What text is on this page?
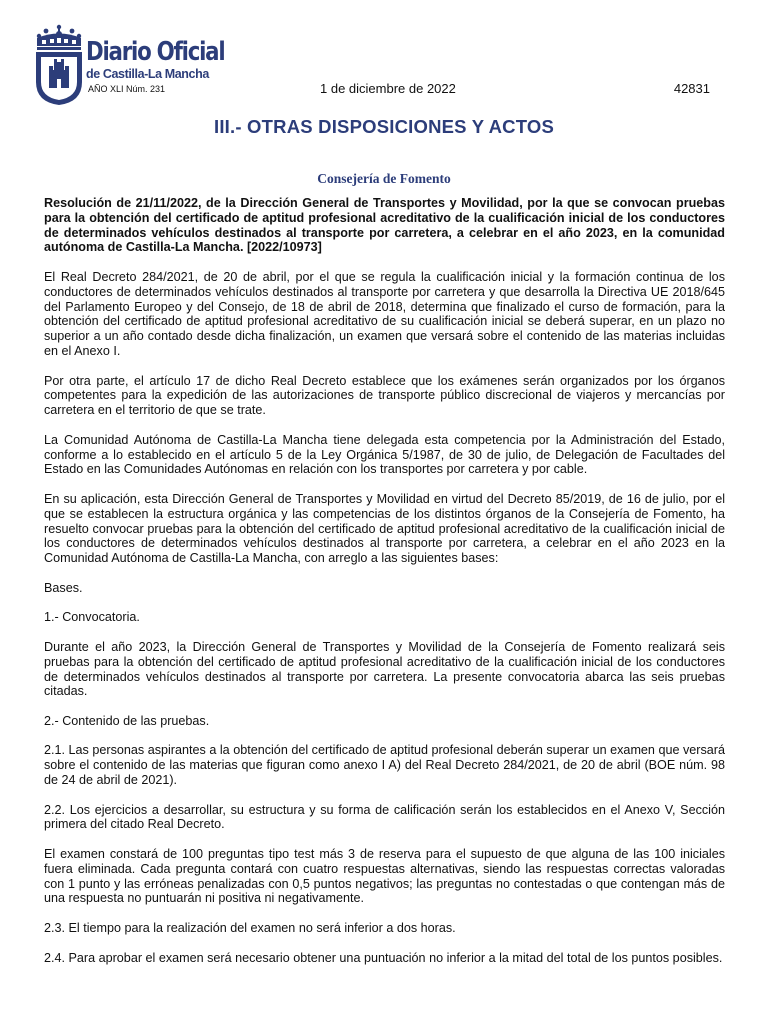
Diario Oficial
de Castilla-La Mancha
AÑO XLI Núm. 231	1 de diciembre de 2022	42831
III.- OTRAS DISPOSICIONES Y ACTOS
Consejería de Fomento

Resolución de 21/11/2022, de la Dirección General de Transportes y Movilidad, por la que se convocan pruebas para la obtención del certificado de aptitud profesional acreditativo de la cualificación inicial de los conductores de determinados vehículos destinados al transporte por carretera, a celebrar en el año 2023, en la comunidad autónoma de Castilla-La Mancha. [2022/10973]

El Real Decreto 284/2021, de 20 de abril, por el que se regula la cualificación inicial y la formación continua de los conductores de determinados vehículos destinados al transporte por carretera y que desarrolla la Directiva UE 2018/645 del Parlamento Europeo y del Consejo, de 18 de abril de 2018, determina que finalizado el curso de formación, para la obtención del certificado de aptitud profesional acreditativo de su cualificación inicial se deberá superar, en un plazo no superior a un año contado desde dicha finalización, un examen que versará sobre el contenido de las materias incluidas en el Anexo I.

Por otra parte, el artículo 17 de dicho Real Decreto establece que los exámenes serán organizados por los órganos competentes para la expedición de las autorizaciones de transporte público discrecional de viajeros y mercancías por carretera en el territorio de que se trate.

La Comunidad Autónoma de Castilla-La Mancha tiene delegada esta competencia por la Administración del Estado, conforme a lo establecido en el artículo 5 de la Ley Orgánica 5/1987, de 30 de julio, de Delegación de Facultades del Estado en las Comunidades Autónomas en relación con los transportes por carretera y por cable.

En su aplicación, esta Dirección General de Transportes y Movilidad en virtud del Decreto 85/2019, de 16 de julio, por el que se establecen la estructura orgánica y las competencias de los distintos órganos de la Consejería de Fomento, ha resuelto convocar pruebas para la obtención del certificado de aptitud profesional acreditativo de la cualificación inicial de los conductores de determinados vehículos destinados al transporte por carretera, a celebrar en el año 2023 en la Comunidad Autónoma de Castilla-La Mancha, con arreglo a las siguientes bases:

Bases.

1.- Convocatoria.

Durante el año 2023, la Dirección General de Transportes y Movilidad de la Consejería de Fomento realizará seis pruebas para la obtención del certificado de aptitud profesional acreditativo de la cualificación inicial de los conductores de determinados vehículos destinados al transporte por carretera. La presente convocatoria abarca las seis pruebas citadas.

2.- Contenido de las pruebas.

2.1. Las personas aspirantes a la obtención del certificado de aptitud profesional deberán superar un examen que versará sobre el contenido de las materias que figuran como anexo I A) del Real Decreto 284/2021, de 20 de abril (BOE núm. 98 de 24 de abril de 2021).

2.2. Los ejercicios a desarrollar, su estructura y su forma de calificación serán los establecidos en el Anexo V, Sección primera del citado Real Decreto.

El examen constará de 100 preguntas tipo test más 3 de reserva para el supuesto de que alguna de las 100 iniciales fuera eliminada. Cada pregunta contará con cuatro respuestas alternativas, siendo las respuestas correctas valoradas con 1 punto y las erróneas penalizadas con 0,5 puntos negativos; las preguntas no contestadas o que contengan más de una respuesta no puntuarán ni positiva ni negativamente.

2.3. El tiempo para la realización del examen no será inferior a dos horas.

2.4. Para aprobar el examen será necesario obtener una puntuación no inferior a la mitad del total de los puntos posibles.
